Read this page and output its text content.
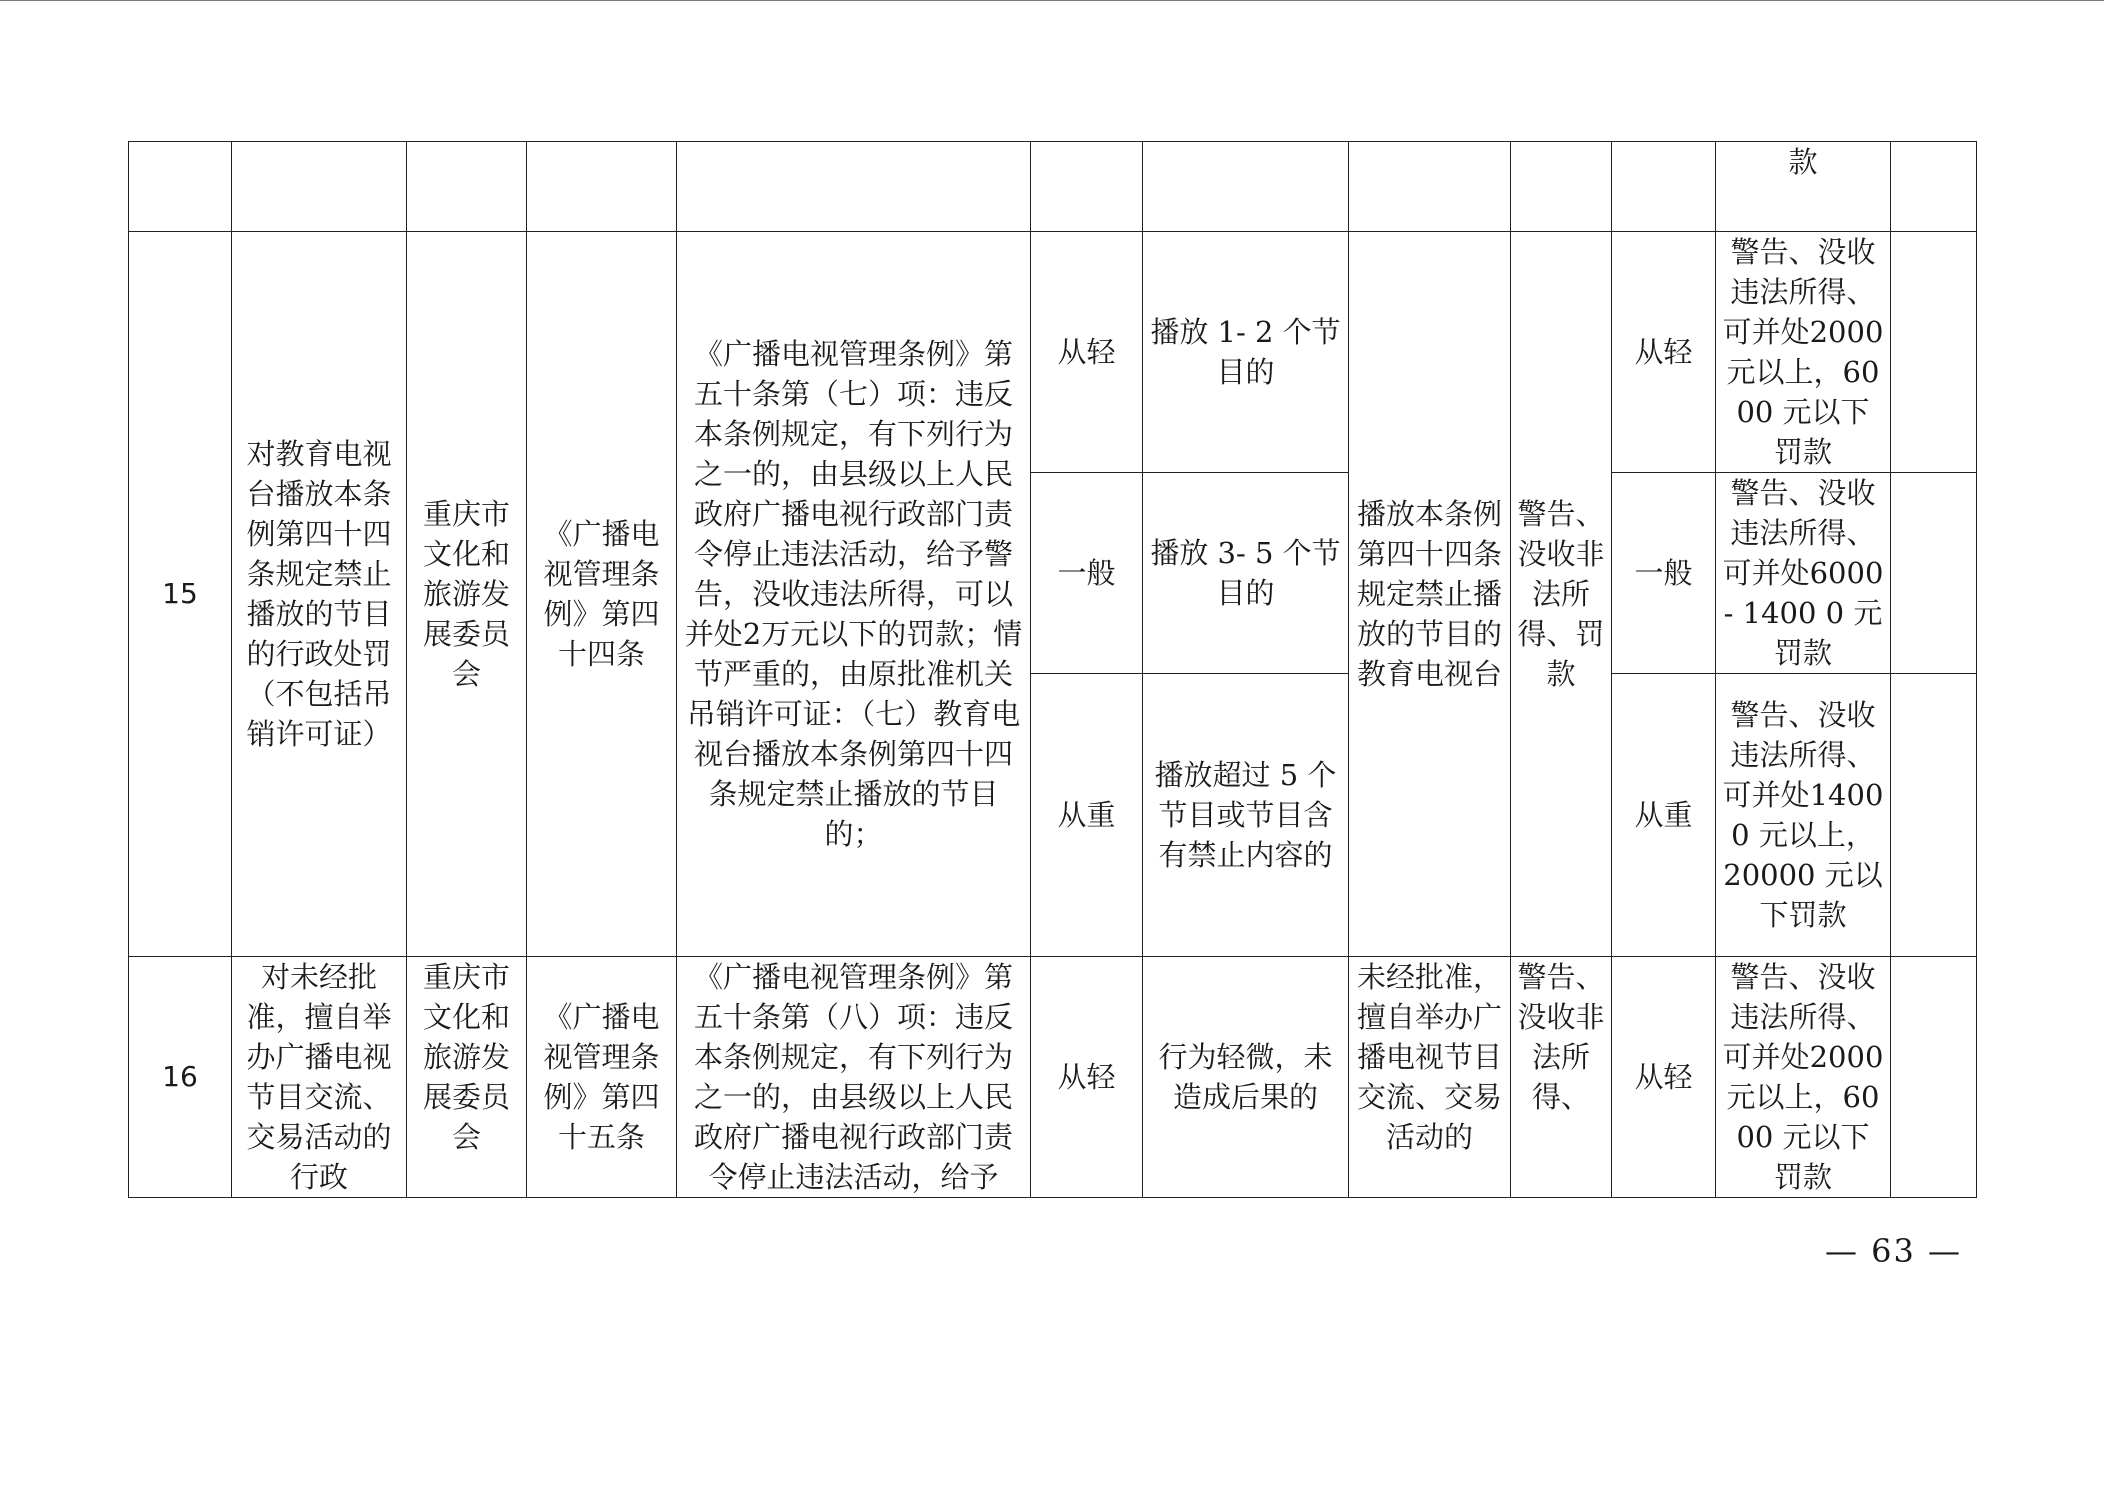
										款	
15	对教育电视台播放本条例第四十四条规定禁止播放的节目的行政处罚（不包括吊销许可证）	重庆市文化和旅游发展委员会	《广播电视管理条例》第四十四条	《广播电视管理条例》第五十条第（七）项：违反本条例规定，有下列行为之一的，由县级以上人民政府广播电视行政部门责令停止违法活动，给予警告，没收违法所得，可以并处2万元以下的罚款；情节严重的，由原批准机关吊销许可证：（七）教育电视台播放本条例第四十四条规定禁止播放的节目的；	从轻	播放 1- 2 个节目的	播放本条例第四十四条规定禁止播放的节目的教育电视台	警告、没收非法所得、罚款	从轻	警告、没收违法所得、可并处2000 元以上，6000 元以下罚款	
					一般	播放 3- 5 个节目的			一般	警告、没收违法所得、可并处6000- 1400 0 元罚款	
					从重	播放超过 5 个节目或节目含有禁止内容的			从重	警告、没收违法所得、可并处14000 元以上，20000 元以下罚款	
16	对未经批准，擅自举办广播电视节目交流、交易活动的行政	重庆市文化和旅游发展委员会	《广播电视管理条例》第四十五条	《广播电视管理条例》第五十条第（八）项：违反本条例规定，有下列行为之一的，由县级以上人民政府广播电视行政部门责令停止违法活动，给予	从轻	行为轻微，未造成后果的	未经批准，擅自举办广播电视节目交流、交易活动的	警告、没收非法所得、	从轻	警告、没收违法所得、可并处2000 元以上，6000 元以下罚款	
— 63 —
